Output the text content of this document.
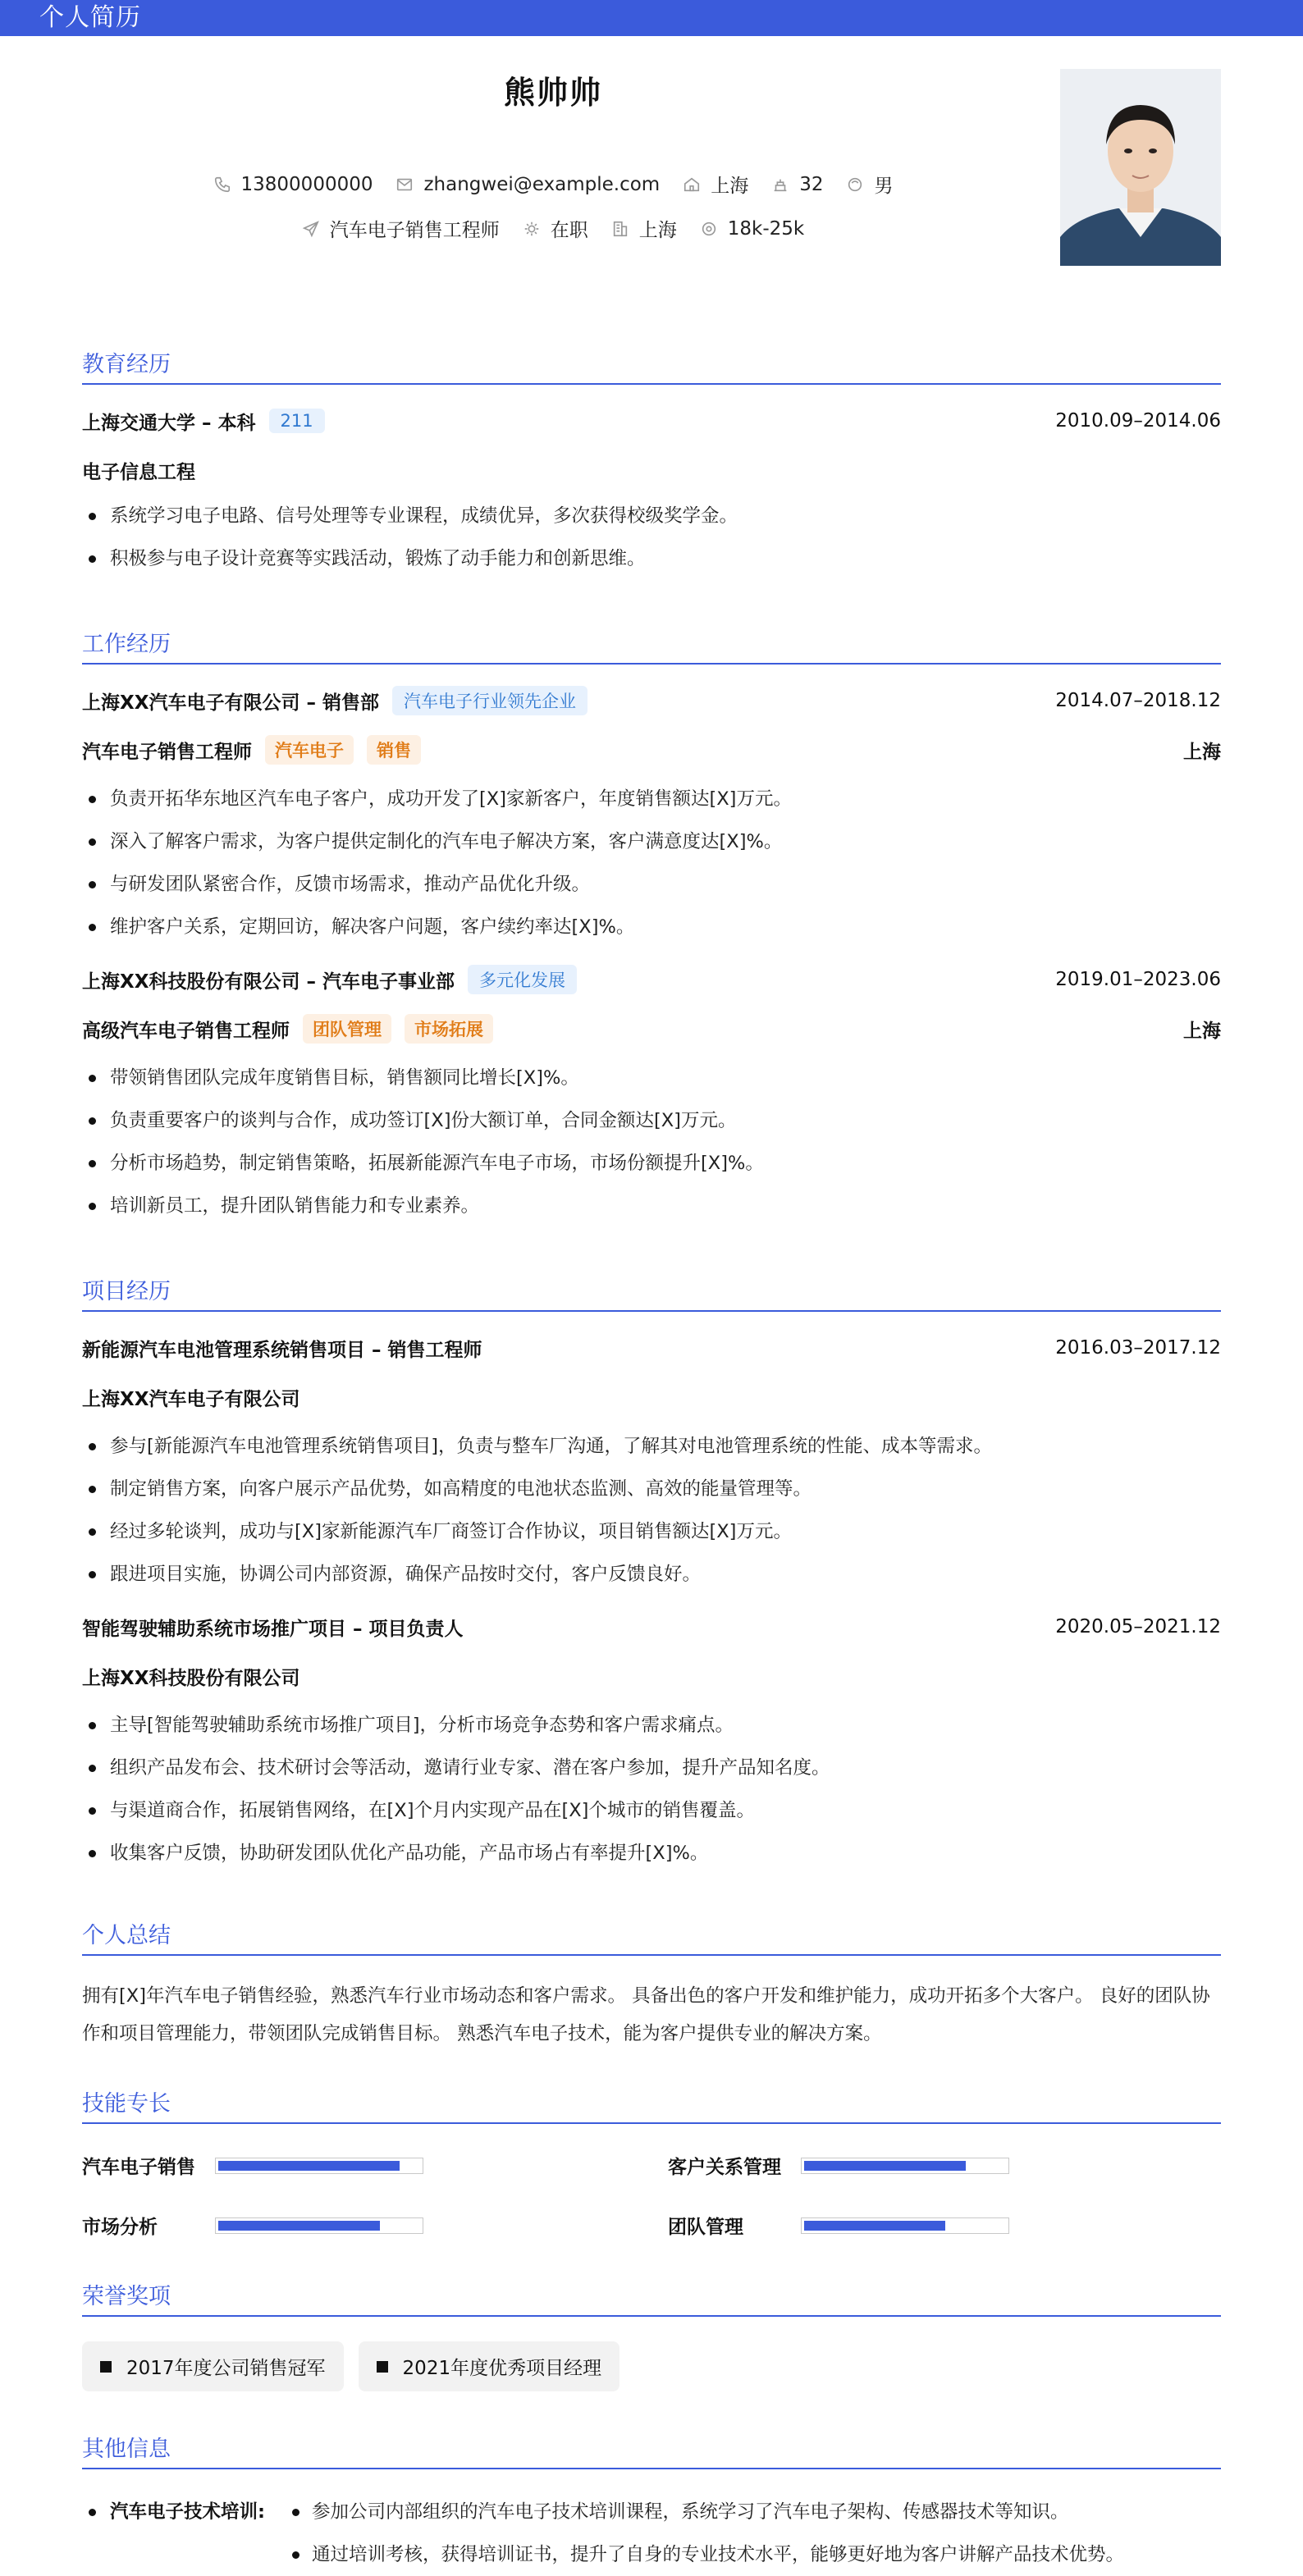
个人简历
熊帅帅
13800000000	zhangwei@example.com	上海	32	男
汽车电子销售工程师	在职	上海	18k-25k
教育经历
上海交通大学 – 本科	211	2010.09–2014.06
电子信息工程
系统学习电子电路、信号处理等专业课程，成绩优异，多次获得校级奖学金。
积极参与电子设计竞赛等实践活动，锻炼了动手能力和创新思维。
工作经历
上海XX汽车电子有限公司 – 销售部	汽车电子行业领先企业	2014.07–2018.12
汽车电子销售工程师	汽车电子	销售	上海
负责开拓华东地区汽车电子客户，成功开发了[X]家新客户，年度销售额达[X]万元。
深入了解客户需求，为客户提供定制化的汽车电子解决方案，客户满意度达[X]%。
与研发团队紧密合作，反馈市场需求，推动产品优化升级。
维护客户关系，定期回访，解决客户问题，客户续约率达[X]%。
上海XX科技股份有限公司 – 汽车电子事业部	多元化发展	2019.01–2023.06
高级汽车电子销售工程师	团队管理	市场拓展	上海
带领销售团队完成年度销售目标，销售额同比增长[X]%。
负责重要客户的谈判与合作，成功签订[X]份大额订单，合同金额达[X]万元。
分析市场趋势，制定销售策略，拓展新能源汽车电子市场，市场份额提升[X]%。
培训新员工，提升团队销售能力和专业素养。
项目经历
新能源汽车电池管理系统销售项目 – 销售工程师	2016.03–2017.12
上海XX汽车电子有限公司
参与[新能源汽车电池管理系统销售项目]，负责与整车厂沟通，了解其对电池管理系统的性能、成本等需求。
制定销售方案，向客户展示产品优势，如高精度的电池状态监测、高效的能量管理等。
经过多轮谈判，成功与[X]家新能源汽车厂商签订合作协议，项目销售额达[X]万元。
跟进项目实施，协调公司内部资源，确保产品按时交付，客户反馈良好。
智能驾驶辅助系统市场推广项目 – 项目负责人	2020.05–2021.12
上海XX科技股份有限公司
主导[智能驾驶辅助系统市场推广项目]，分析市场竞争态势和客户需求痛点。
组织产品发布会、技术研讨会等活动，邀请行业专家、潜在客户参加，提升产品知名度。
与渠道商合作，拓展销售网络，在[X]个月内实现产品在[X]个城市的销售覆盖。
收集客户反馈，协助研发团队优化产品功能，产品市场占有率提升[X]%。
个人总结
拥有[X]年汽车电子销售经验，熟悉汽车行业市场动态和客户需求。 具备出色的客户开发和维护能力，成功开拓多个大客户。 良好的团队协作和项目管理能力，带领团队完成销售目标。 熟悉汽车电子技术，能为客户提供专业的解决方案。
技能专长
汽车电子销售	客户关系管理
市场分析	团队管理
荣誉奖项
2017年度公司销售冠军	2021年度优秀项目经理
其他信息
汽车电子技术培训:	参加公司内部组织的汽车电子技术培训课程，系统学习了汽车电子架构、传感器技术等知识。
通过培训考核，获得培训证书，提升了自身的专业技术水平，能够更好地为客户讲解产品技术优势。
